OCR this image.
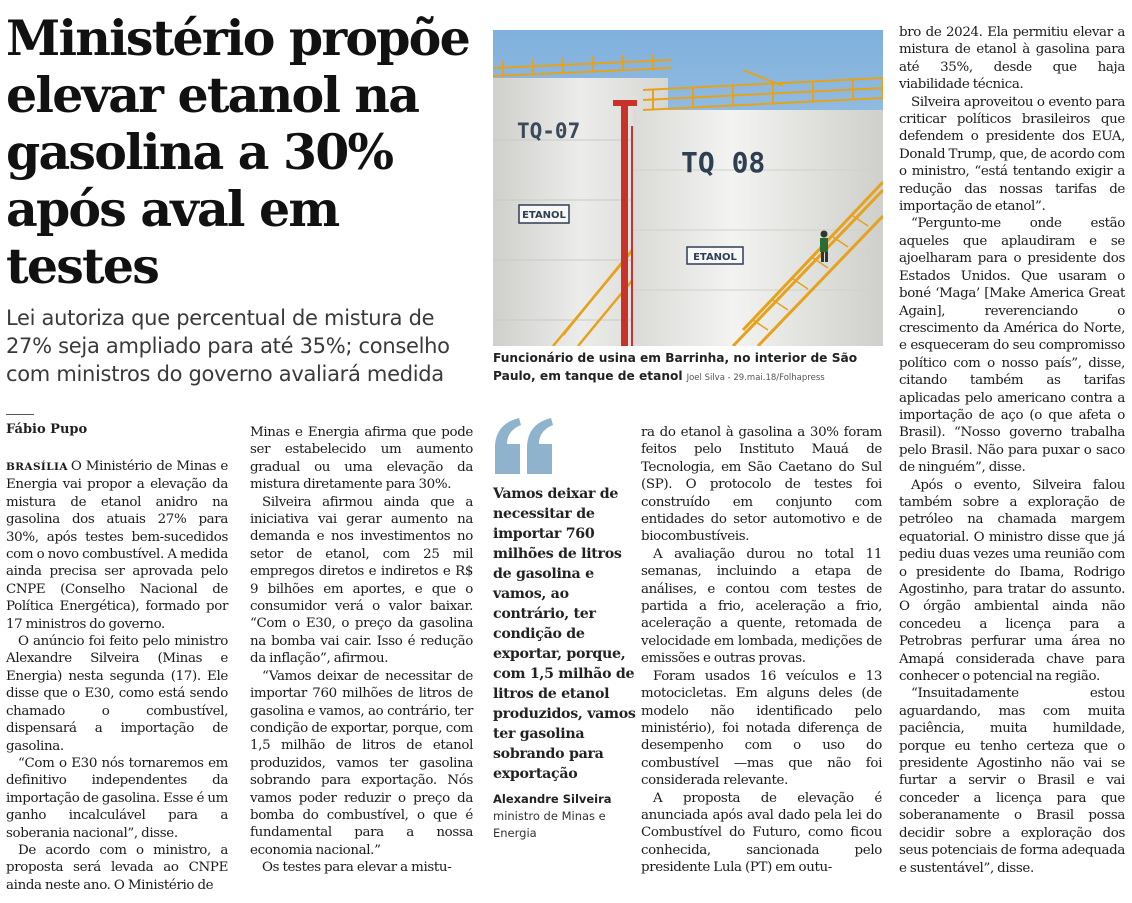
Ministério propõe elevar etanol na gasolina a 30% após aval em testes

Lei autoriza que percentual de mistura de 27% seja ampliado para até 35%; conselho com ministros do governo avaliará medida

TQ-07
ETANOL
TQ 08
ETANOL

Funcionário de usina em Barrinha, no interior de São Paulo, em tanque de etanol Joel Silva - 29.mai.18/Folhapress

Fábio Pupo

BRASÍLIA O Ministério de Minas e Energia vai propor a elevação da mistura de etanol anidro na gasolina dos atuais 27% para 30%, após testes bem-sucedidos com o novo combustível. A medida ainda precisa ser aprovada pelo CNPE (Conselho Nacional de Política Energética), formado por 17 ministros do governo.

O anúncio foi feito pelo ministro Alexandre Silveira (Minas e Energia) nesta segunda (17). Ele disse que o E30, como está sendo chamado o combustível, dispensará a importação de gasolina.

“Com o E30 nós tornaremos em definitivo independentes da importação de gasolina. Esse é um ganho incalculável para a soberania nacional”, disse.

De acordo com o ministro, a proposta será levada ao CNPE ainda neste ano. O Ministério de

Minas e Energia afirma que pode ser estabelecido um aumento gradual ou uma elevação da mistura diretamente para 30%.

Silveira afirmou ainda que a iniciativa vai gerar aumento na demanda e nos investimentos no setor de etanol, com 25 mil empregos diretos e indiretos e R$ 9 bilhões em aportes, e que o consumidor verá o valor baixar. “Com o E30, o preço da gasolina na bomba vai cair. Isso é redução da inflação”, afirmou.

“Vamos deixar de necessitar de importar 760 milhões de litros de gasolina e vamos, ao contrário, ter condição de exportar, porque, com 1,5 milhão de litros de etanol produzidos, vamos ter gasolina sobrando para exportação. Nós vamos poder reduzir o preço da bomba do combustível, o que é fundamental para a nossa economia nacional.”

Os testes para elevar a mistu-

Vamos deixar de necessitar de importar 760 milhões de litros de gasolina e vamos, ao contrário, ter condição de exportar, porque, com 1,5 milhão de litros de etanol produzidos, vamos ter gasolina sobrando para exportação

Alexandre Silveira

ministro de Minas e Energia

ra do etanol à gasolina a 30% foram feitos pelo Instituto Mauá de Tecnologia, em São Caetano do Sul (SP). O protocolo de testes foi construído em conjunto com entidades do setor automotivo e de biocombustíveis.

A avaliação durou no total 11 semanas, incluindo a etapa de análises, e contou com testes de partida a frio, aceleração a frio, aceleração a quente, retomada de velocidade em lombada, medições de emissões e outras provas.

Foram usados 16 veículos e 13 motocicletas. Em alguns deles (de modelo não identificado pelo ministério), foi notada diferença de desempenho com o uso do combustível —mas que não foi considerada relevante.

A proposta de elevação é anunciada após aval dado pela lei do Combustível do Futuro, como ficou conhecida, sancionada pelo presidente Lula (PT) em outu-

bro de 2024. Ela permitiu elevar a mistura de etanol à gasolina para até 35%, desde que haja viabilidade técnica.

Silveira aproveitou o evento para criticar políticos brasileiros que defendem o presidente dos EUA, Donald Trump, que, de acordo com o ministro, “está tentando exigir a redução das nossas tarifas de importação de etanol”.

“Pergunto-me onde estão aqueles que aplaudiram e se ajoelharam para o presidente dos Estados Unidos. Que usaram o boné ‘Maga’ [Make America Great Again], reverenciando o crescimento da América do Norte, e esqueceram do seu compromisso político com o nosso país”, disse, citando também as tarifas aplicadas pelo americano contra a importação de aço (o que afeta o Brasil). “Nosso governo trabalha pelo Brasil. Não para puxar o saco de ninguém”, disse.

Após o evento, Silveira falou também sobre a exploração de petróleo na chamada margem equatorial. O ministro disse que já pediu duas vezes uma reunião com o presidente do Ibama, Rodrigo Agostinho, para tratar do assunto. O órgão ambiental ainda não concedeu a licença para a Petrobras perfurar uma área no Amapá considerada chave para conhecer o potencial na região.

“Insuitadamente estou aguardando, mas com muita paciência, muita humildade, porque eu tenho certeza que o presidente Agostinho não vai se furtar a servir o Brasil e vai conceder a licença para que soberanamente o Brasil possa decidir sobre a exploração dos seus potenciais de forma adequada e sustentável”, disse.
